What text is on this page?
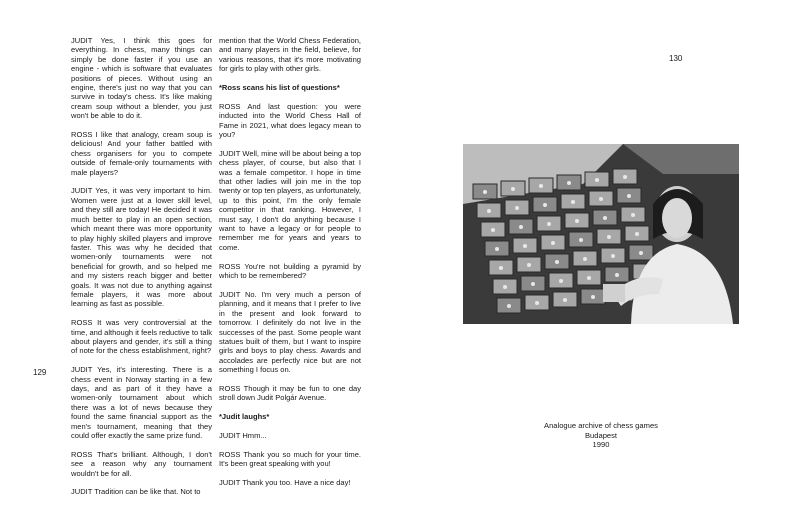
129
130

JUDIT Yes, I think this goes for everything. In chess, many things can simply be done faster if you use an engine - which is software that evaluates positions of pieces. Without using an engine, there's just no way that you can survive in today's chess. It's like making cream soup without a blender, you just won't be able to do it.

ROSS I like that analogy, cream soup is delicious! And your father battled with chess organisers for you to compete outside of female-only tournaments with male players?

JUDIT Yes, it was very important to him. Women were just at a lower skill level, and they still are today! He decided it was much better to play in an open section, which meant there was more opportunity to play highly skilled players and improve faster. This was why he decided that women-only tournaments were not beneficial for growth, and so helped me and my sisters reach bigger and better goals. It was not due to anything against female players, it was more about learning as fast as possible.

ROSS It was very controversial at the time, and although it feels reductive to talk about players and gender, it's still a thing of note for the chess establishment, right?

JUDIT Yes, it's interesting. There is a chess event in Norway starting in a few days, and as part of it they have a women-only tournament about which there was a lot of news because they found the same financial support as the men's tournament, meaning that they could offer exactly the same prize fund.

ROSS That's brilliant. Although, I don't see a reason why any tournament wouldn't be for all.

JUDIT Tradition can be like that. Not to

mention that the World Chess Federation, and many players in the field, believe, for various reasons, that it's more motivating for girls to play with other girls.

*Ross scans his list of questions*

ROSS And last question: you were inducted into the World Chess Hall of Fame in 2021, what does legacy mean to you?

JUDIT Well, mine will be about being a top chess player, of course, but also that I was a female competitor. I hope in time that other ladies will join me in the top twenty or top ten players, as unfortunately, up to this point, I'm the only female competitor in that ranking. However, I must say, I don't do anything because I want to have a legacy or for people to remember me for years and years to come.

ROSS You're not building a pyramid by which to be remembered?

JUDIT No. I'm very much a person of planning, and it means that I prefer to live in the present and look forward to tomorrow. I definitely do not live in the successes of the past. Some people want statues built of them, but I want to inspire girls and boys to play chess. Awards and accolades are perfectly nice but are not something I focus on.

ROSS Though it may be fun to one day stroll down Judit Polgár Avenue.

*Judit laughs*

JUDIT Hmm...

ROSS Thank you so much for your time. It's been great speaking with you!

JUDIT Thank you too. Have a nice day!

Analogue archive of chess games
Budapest
1990
